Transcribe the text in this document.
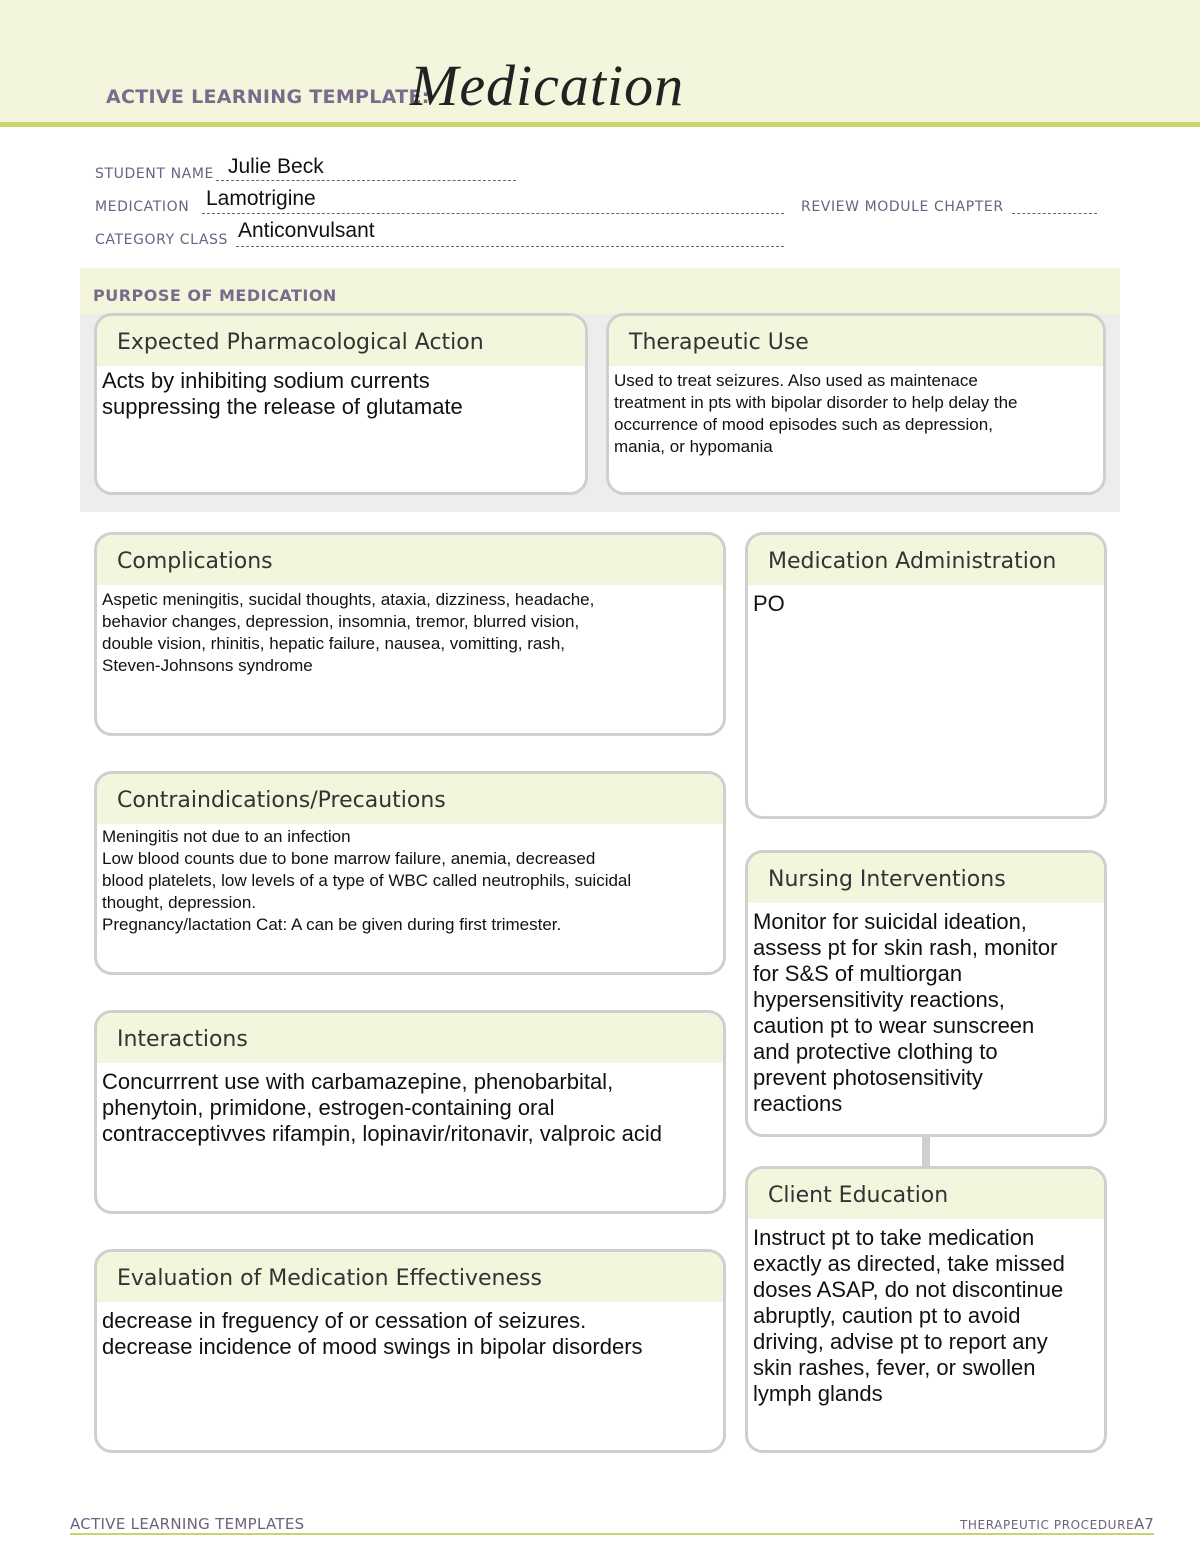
ACTIVE LEARNING TEMPLATE:
Medication
STUDENT NAME Julie Beck
MEDICATION Lamotrigine	REVIEW MODULE CHAPTER
CATEGORY CLASS Anticonvulsant
PURPOSE OF MEDICATION
Expected Pharmacological Action
Acts by inhibiting sodium currents
suppressing the release of glutamate
Therapeutic Use
Used to treat seizures. Also used as maintenace
treatment in pts with bipolar disorder to help delay the
occurrence of mood episodes such as depression,
mania, or hypomania
Complications
Aspetic meningitis, sucidal thoughts, ataxia, dizziness, headache,
behavior changes, depression, insomnia, tremor, blurred vision,
double vision, rhinitis, hepatic failure, nausea, vomitting, rash,
Steven-Johnsons syndrome
Contraindications/Precautions
Meningitis not due to an infection
Low blood counts due to bone marrow failure, anemia, decreased
blood platelets, low levels of a type of WBC called neutrophils, suicidal
thought, depression.
Pregnancy/lactation Cat: A can be given during first trimester.
Interactions
Concurrrent use with carbamazepine, phenobarbital,
phenytoin, primidone, estrogen-containing oral
contracceptivves rifampin, lopinavir/ritonavir, valproic acid
Evaluation of Medication Effectiveness
decrease in freguency of or cessation of seizures.
decrease incidence of mood swings in bipolar disorders
Medication Administration
PO
Nursing Interventions
Monitor for suicidal ideation,
assess pt for skin rash, monitor
for S&S of multiorgan
hypersensitivity reactions,
caution pt to wear sunscreen
and protective clothing to
prevent photosensitivity
reactions
Client Education
Instruct pt to take medication
exactly as directed, take missed
doses ASAP, do not discontinue
abruptly, caution pt to avoid
driving, advise pt to report any
skin rashes, fever, or swollen
lymph glands
ACTIVE LEARNING TEMPLATES	THERAPEUTIC PROCEDURE A7
